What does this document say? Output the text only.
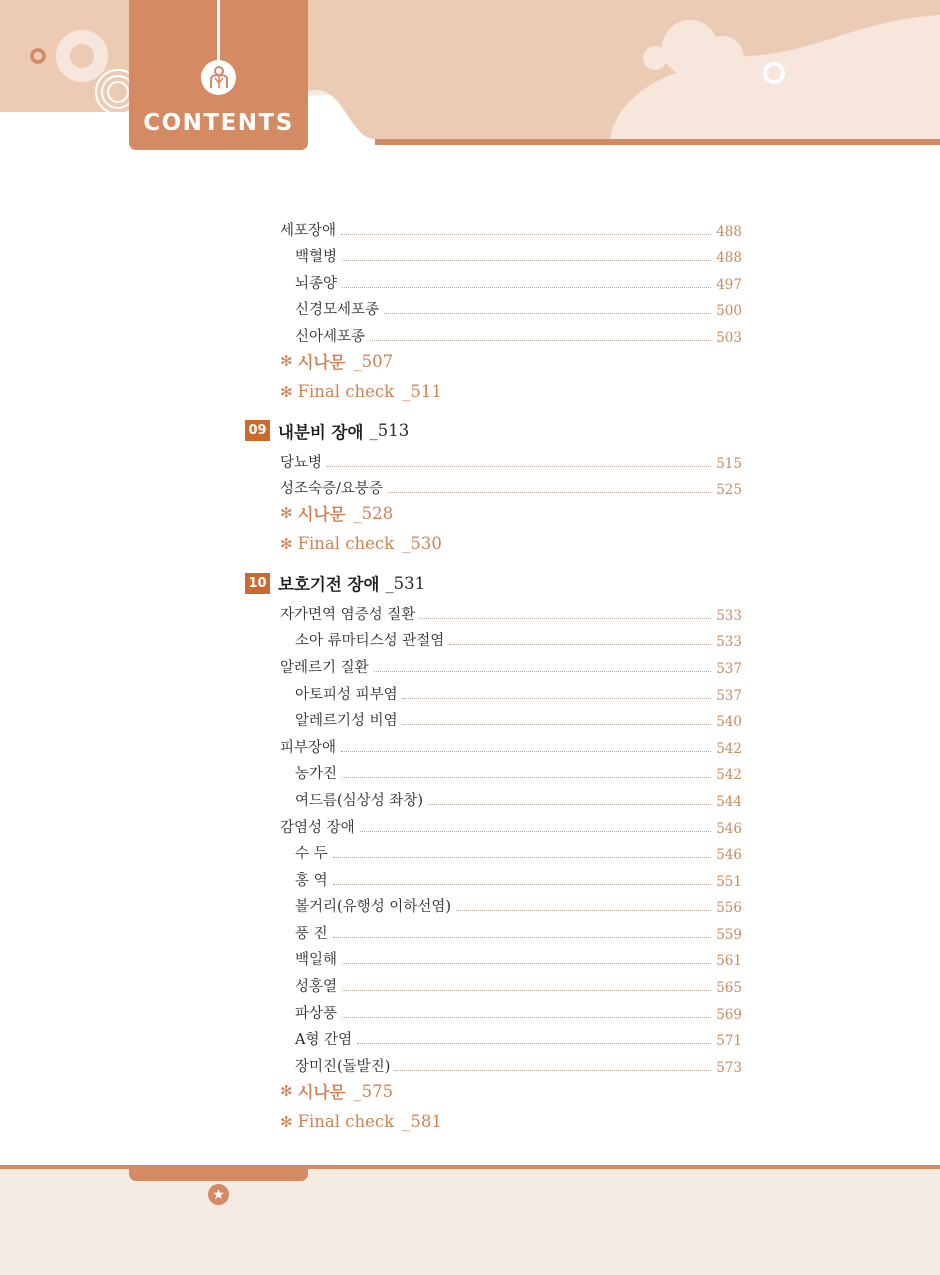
CONTENTS
세포장애	488
백혈병	488
뇌종양	497
신경모세포종	500
신아세포종	503
✻ 시나문 _507
✻ Final check _511
09 내분비 장애 _513
당뇨병	515
성조숙증/요붕증	525
✻ 시나문 _528
✻ Final check _530
10 보호기전 장애 _531
자가면역 염증성 질환	533
소아 류마티스성 관절염	533
알레르기 질환	537
아토피성 피부염	537
알레르기성 비염	540
피부장애	542
농가진	542
여드름(심상성 좌창)	544
감염성 장애	546
수 두	546
홍 역	551
볼거리(유행성 이하선염)	556
풍 진	559
백일해	561
성홍열	565
파상풍	569
A형 간염	571
장미진(돌발진)	573
✻ 시나문 _575
✻ Final check _581
★
